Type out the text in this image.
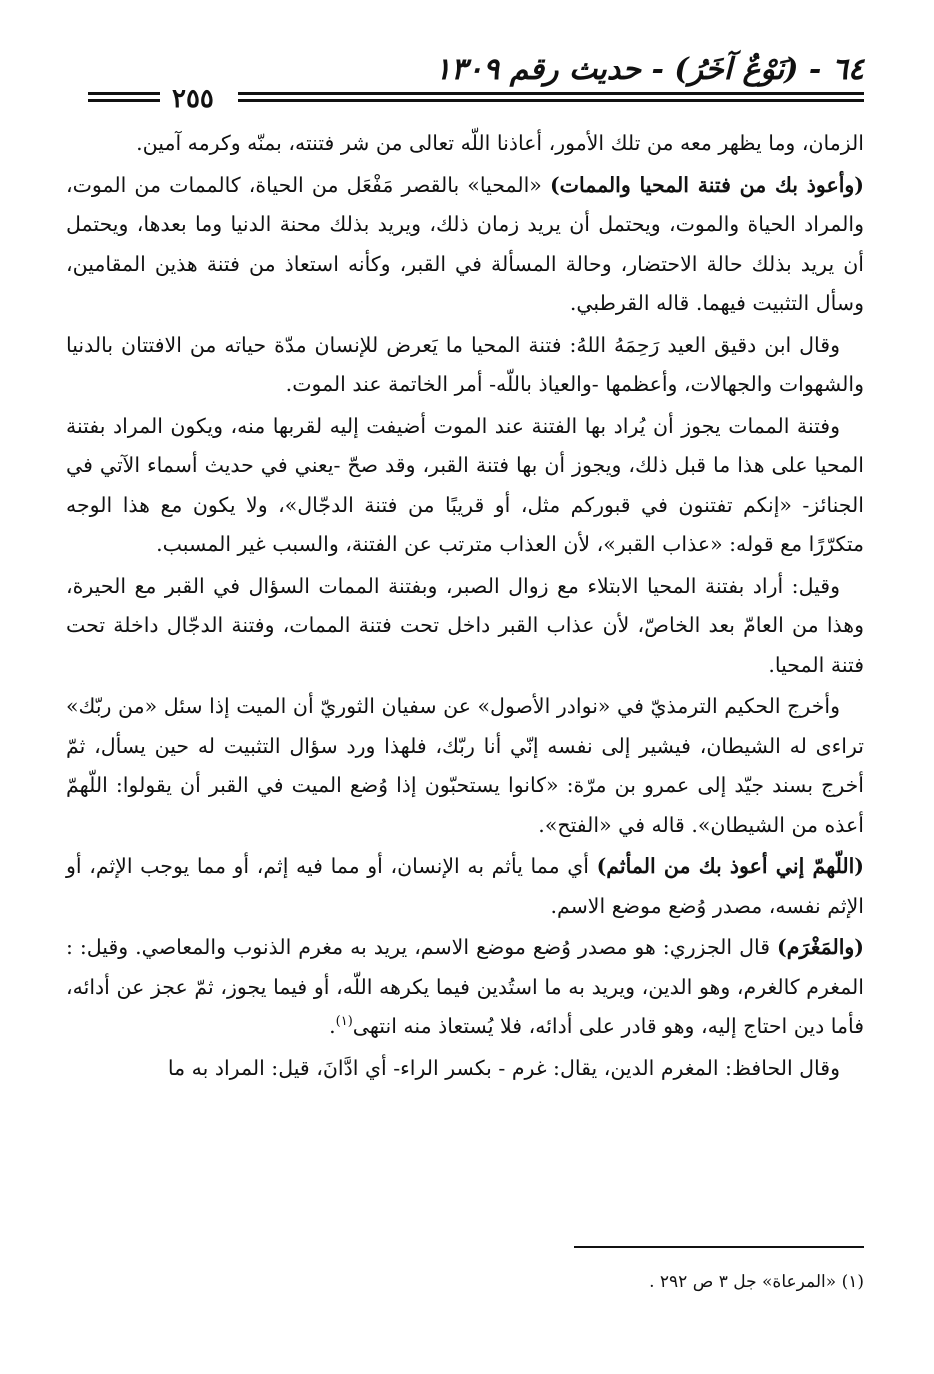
٦٤ - (نَوْعٌ آخَرُ) - حديث رقم ١٣٠٩
٢٥٥

الزمان، وما يظهر معه من تلك الأمور، أعاذنا اللّه تعالى من شر فتنته، بمنّه وكرمه آمين.

(وأعوذ بك من فتنة المحيا والممات) «المحيا» بالقصر مَفْعَل من الحياة، كالممات من الموت، والمراد الحياة والموت، ويحتمل أن يريد زمان ذلك، ويريد بذلك محنة الدنيا وما بعدها، ويحتمل أن يريد بذلك حالة الاحتضار، وحالة المسألة في القبر، وكأنه استعاذ من فتنة هذين المقامين، وسأل التثبيت فيهما. قاله القرطبي.

وقال ابن دقيق العيد رَحِمَهُ اللهُ: فتنة المحيا ما يَعرض للإنسان مدّة حياته من الافتتان بالدنيا والشهوات والجهالات، وأعظمها -والعياذ باللّه- أمر الخاتمة عند الموت.

وفتنة الممات يجوز أن يُراد بها الفتنة عند الموت أضيفت إليه لقربها منه، ويكون المراد بفتنة المحيا على هذا ما قبل ذلك، ويجوز أن بها فتنة القبر، وقد صحّ -يعني في حديث أسماء الآتي في الجنائز- «إنكم تفتنون في قبوركم مثل، أو قريبًا من فتنة الدجّال»، ولا يكون مع هذا الوجه متكرّرًا مع قوله: «عذاب القبر»، لأن العذاب مترتب عن الفتنة، والسبب غير المسبب.

وقيل: أراد بفتنة المحيا الابتلاء مع زوال الصبر، وبفتنة الممات السؤال في القبر مع الحيرة، وهذا من العامّ بعد الخاصّ، لأن عذاب القبر داخل تحت فتنة الممات، وفتنة الدجّال داخلة تحت فتنة المحيا.

وأخرج الحكيم الترمذيّ في «نوادر الأصول» عن سفيان الثوريّ أن الميت إذا سئل «من ربّك» تراءى له الشيطان، فيشير إلى نفسه إنّي أنا ربّك، فلهذا ورد سؤال التثبيت له حين يسأل، ثمّ أخرج بسند جيّد إلى عمرو بن مرّة: «كانوا يستحبّون إذا وُضع الميت في القبر أن يقولوا: اللّهمّ أعذه من الشيطان». قاله في «الفتح».

(اللّهمّ إني أعوذ بك من المأثم) أي مما يأثم به الإنسان، أو مما فيه إثم، أو مما يوجب الإثم، أو الإثم نفسه، مصدر وُضع موضع الاسم.

(والمَغْرَم) قال الجزري: هو مصدر وُضع موضع الاسم، يريد به مغرم الذنوب والمعاصي. وقيل: : المغرم كالغرم، وهو الدين، ويريد به ما استُدين فيما يكرهه اللّه، أو فيما يجوز، ثمّ عجز عن أدائه، فأما دين احتاج إليه، وهو قادر على أدائه، فلا يُستعاذ منه انتهى$^{(١)}$.

وقال الحافظ: المغرم الدين، يقال: غرم - بكسر الراء- أي ادَّانَ، قيل: المراد به ما

(١) «المرعاة» جل ٣ ص ٢٩٢ .
